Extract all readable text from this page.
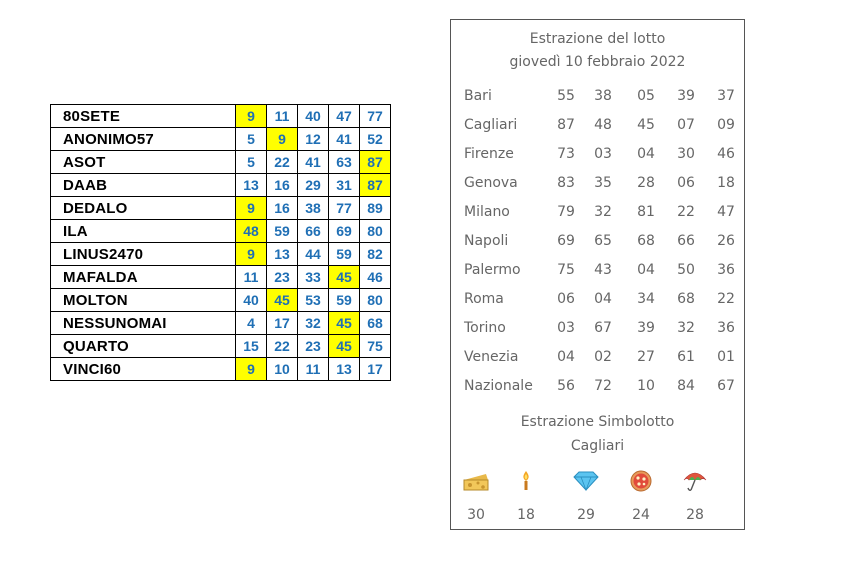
80SETE	9	11	40	47	77
ANONIMO57	5	9	12	41	52
ASOT	5	22	41	63	87
DAAB	13	16	29	31	87
DEDALO	9	16	38	77	89
ILA	48	59	66	69	80
LINUS2470	9	13	44	59	82
MAFALDA	11	23	33	45	46
MOLTON	40	45	53	59	80
NESSUNOMAI	4	17	32	45	68
QUARTO	15	22	23	45	75
VINCI60	9	10	11	13	17
Estrazione del lotto
giovedì 10 febbraio 2022
Bari	55	38	05	39	37
Cagliari	87	48	45	07	09
Firenze	73	03	04	30	46
Genova	83	35	28	06	18
Milano	79	32	81	22	47
Napoli	69	65	68	66	26
Palermo	75	43	04	50	36
Roma	06	04	34	68	22
Torino	03	67	39	32	36
Venezia	04	02	27	61	01
Nazionale	56	72	10	84	67
Estrazione Simbolotto
Cagliari
30	18	29	24	28
